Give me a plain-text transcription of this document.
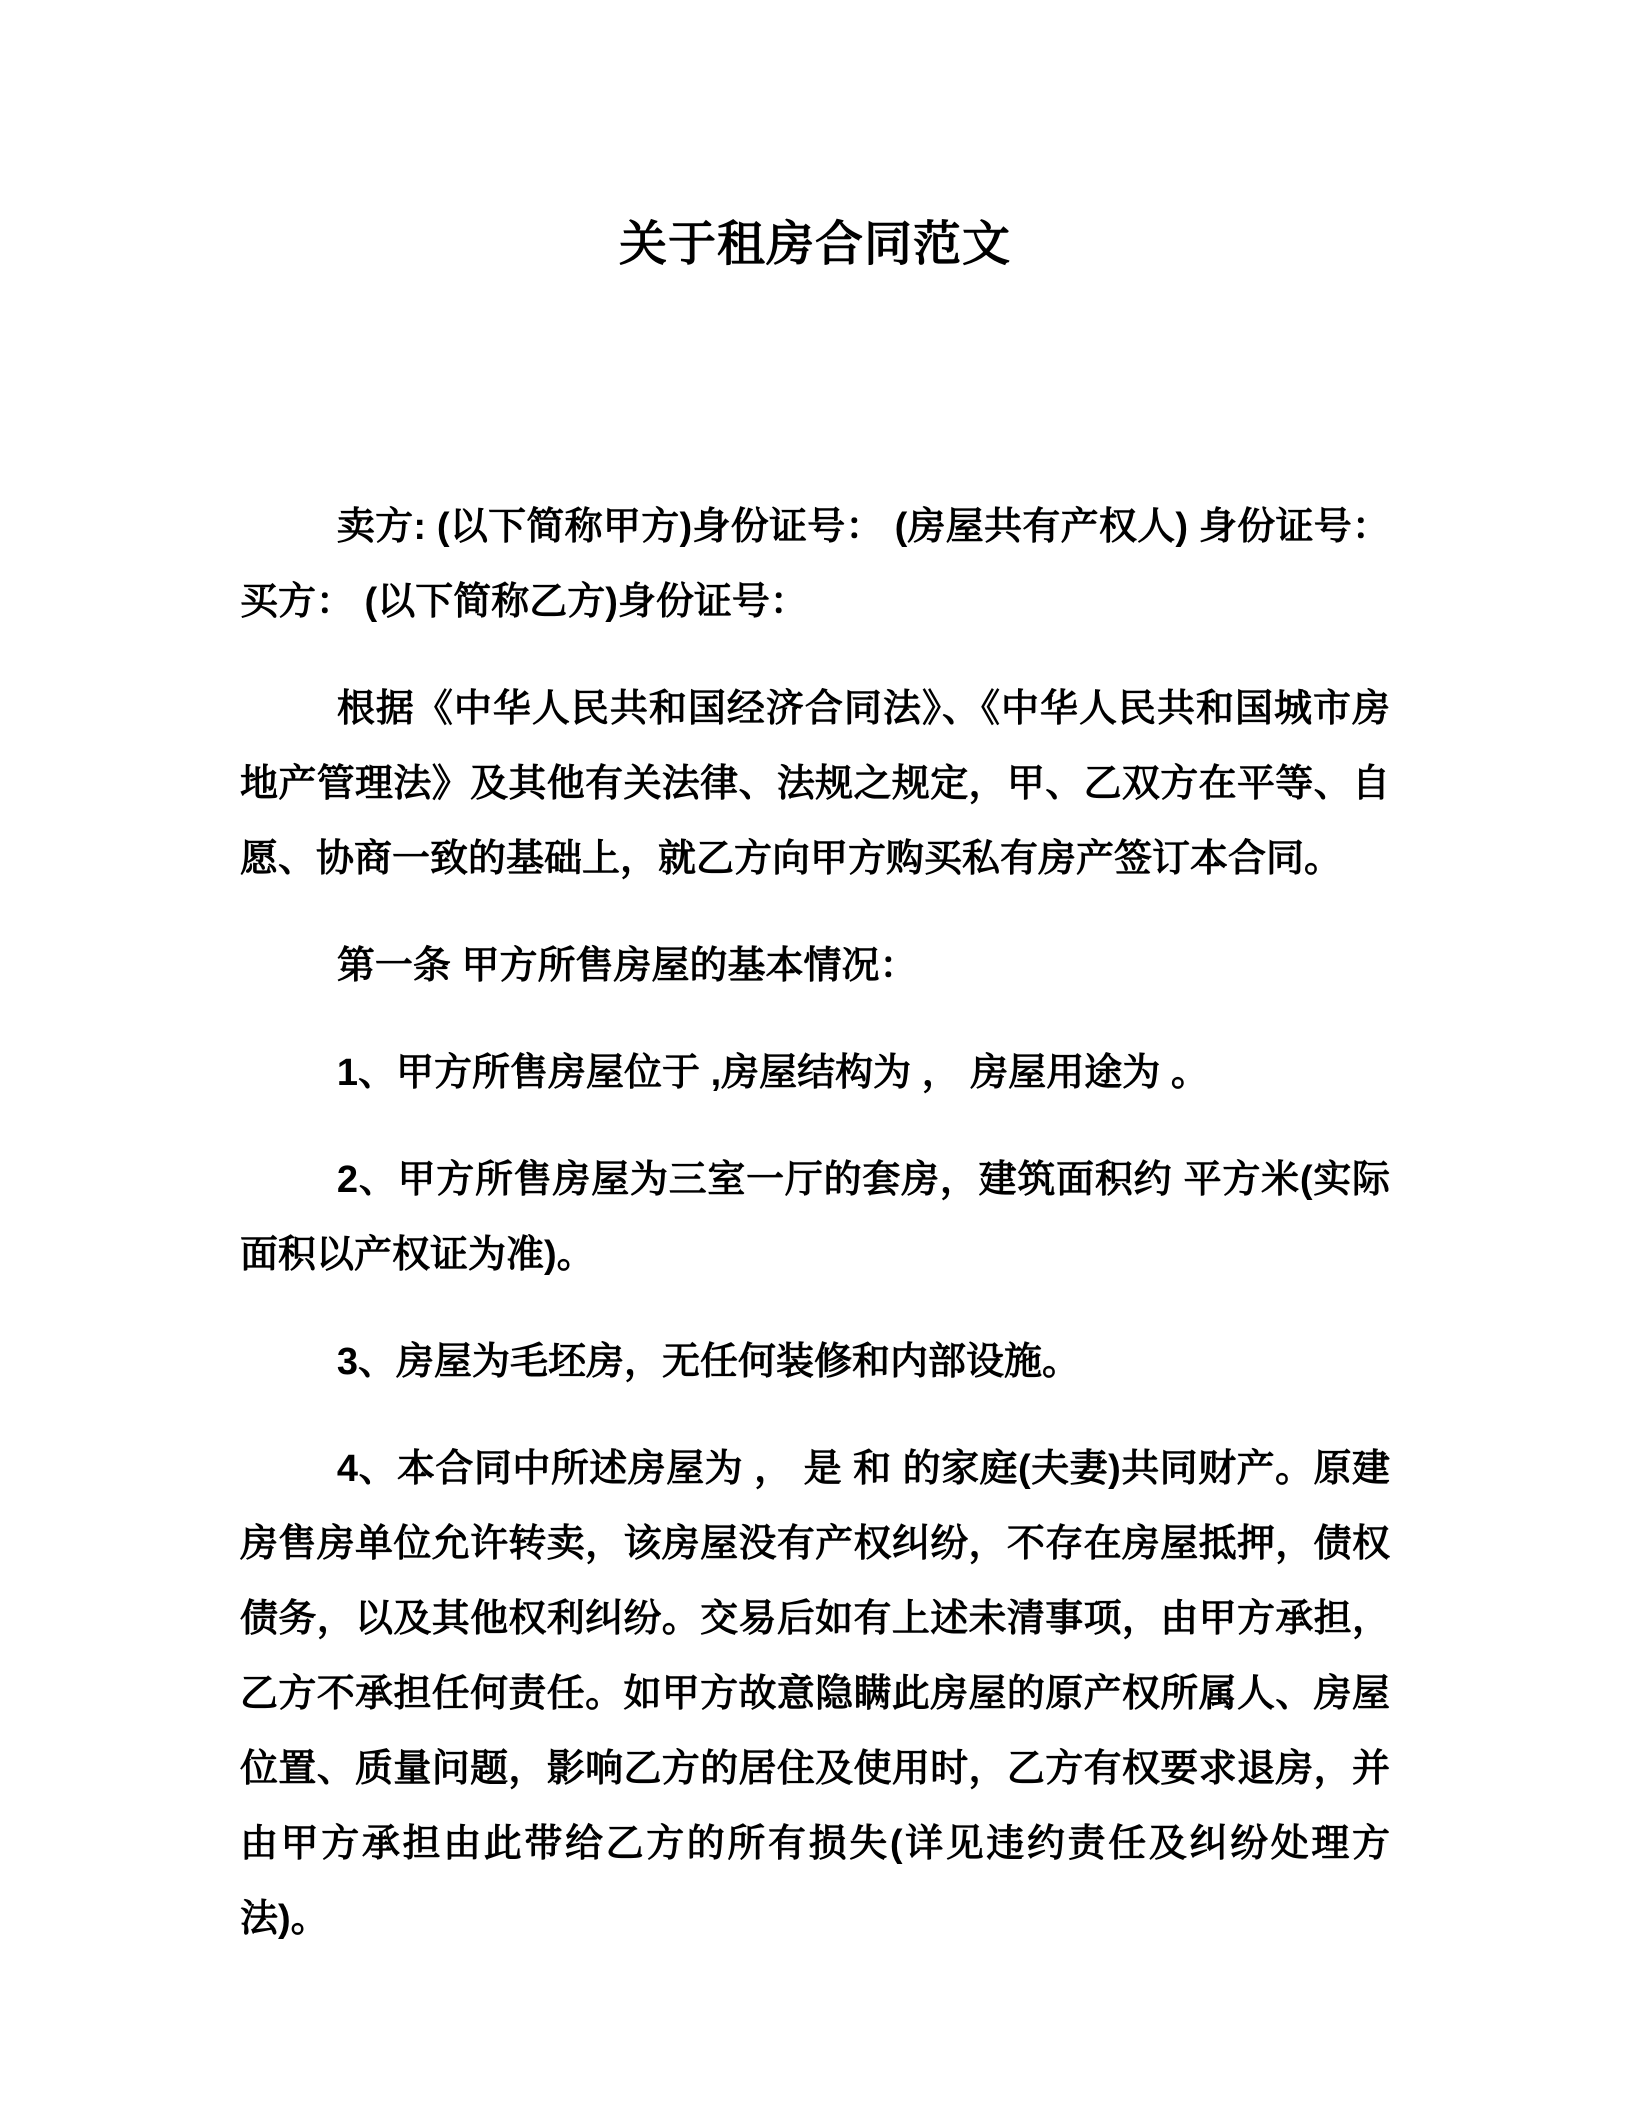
关于租房合同范文

卖方: (以下简称甲方)身份证号： (房屋共有产权人) 身份证号： 买方： (以下简称乙方)身份证号：

根据《中华人民共和国经济合同法》、《中华人民共和国城市房地产管理法》及其他有关法律、法规之规定，甲、乙双方在平等、自愿、协商一致的基础上，就乙方向甲方购买私有房产签订本合同。

第一条 甲方所售房屋的基本情况：

1、甲方所售房屋位于 ,房屋结构为 ， 房屋用途为 。

2、甲方所售房屋为三室一厅的套房，建筑面积约 平方米(实际面积以产权证为准)。

3、房屋为毛坯房，无任何装修和内部设施。

4、本合同中所述房屋为 ， 是 和 的家庭(夫妻)共同财产。原建房售房单位允许转卖，该房屋没有产权纠纷，不存在房屋抵押，债权债务，以及其他权利纠纷。交易后如有上述未清事项，由甲方承担，乙方不承担任何责任。如甲方故意隐瞒此房屋的原产权所属人、房屋位置、质量问题，影响乙方的居住及使用时，乙方有权要求退房，并由甲方承担由此带给乙方的所有损失(详见违约责任及纠纷处理方法)。
